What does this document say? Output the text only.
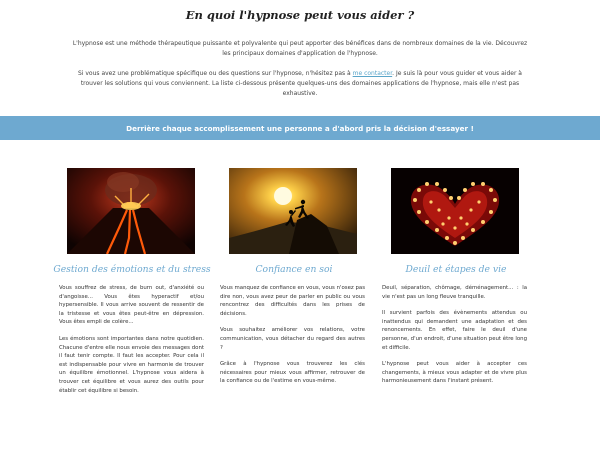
En quoi l'hypnose peut vous aider ?

L'hypnose est une méthode thérapeutique puissante et polyvalente qui peut apporter des bénéfices dans de nombreux domaines de la vie. Découvrez les principaux domaines d'application de l'hypnose.

Si vous avez une problématique spécifique ou des questions sur l'hypnose, n'hésitez pas à me contacter. Je suis là pour vous guider et vous aider à trouver les solutions qui vous conviennent. La liste ci-dessous présente quelques-uns des domaines applications de l'hypnose, mais elle n'est pas exhaustive.

Derrière chaque accomplissement une personne a d'abord pris la décision d'essayer !
Gestion des émotions et du stress

Vous souffrez de stress, de burn out, d'anxiété ou d'angoisse... Vous êtes hyperactif et/ou hypersensible. Il vous arrive souvent de ressentir de la tristesse et vous êtes peut-être en dépression. Vous êtes empli de colère...

Les émotions sont importantes dans notre quotidien. Chacune d'entre elle nous envoie des messages dont il faut tenir compte. Il faut les accepter. Pour cela il est indispensable pour vivre en harmonie de trouver un équilibre émotionnel. L'hypnose vous aidera à trouver cet équilibre et vous aurez des outils pour établir cet équilibre si besoin.

Confiance en soi

Vous manquez de confiance en vous, vous n'osez pas dire non, vous avez peur de parler en public ou vous rencontrez des difficultés dans les prises de décisions.

Vous souhaitez améliorer vos relations, votre communication, vous détacher du regard des autres ?

Grâce à l'hypnose vous trouverez les clés nécessaires pour mieux vous affirmer, retrouver de la confiance ou de l'estime en vous-même.

Deuil et étapes de vie

Deuil, séparation, chômage, déménagement... : la vie n'est pas un long fleuve tranquille.

Il survient parfois des évènements attendus ou inattendus qui demandent une adaptation et des renoncements. En effet, faire le deuil d'une personne, d'un endroit, d'une situation peut être long et difficile.

L'hypnose peut vous aider à accepter ces changements, à mieux vous adapter et de vivre plus harmonieusement dans l'instant présent.
